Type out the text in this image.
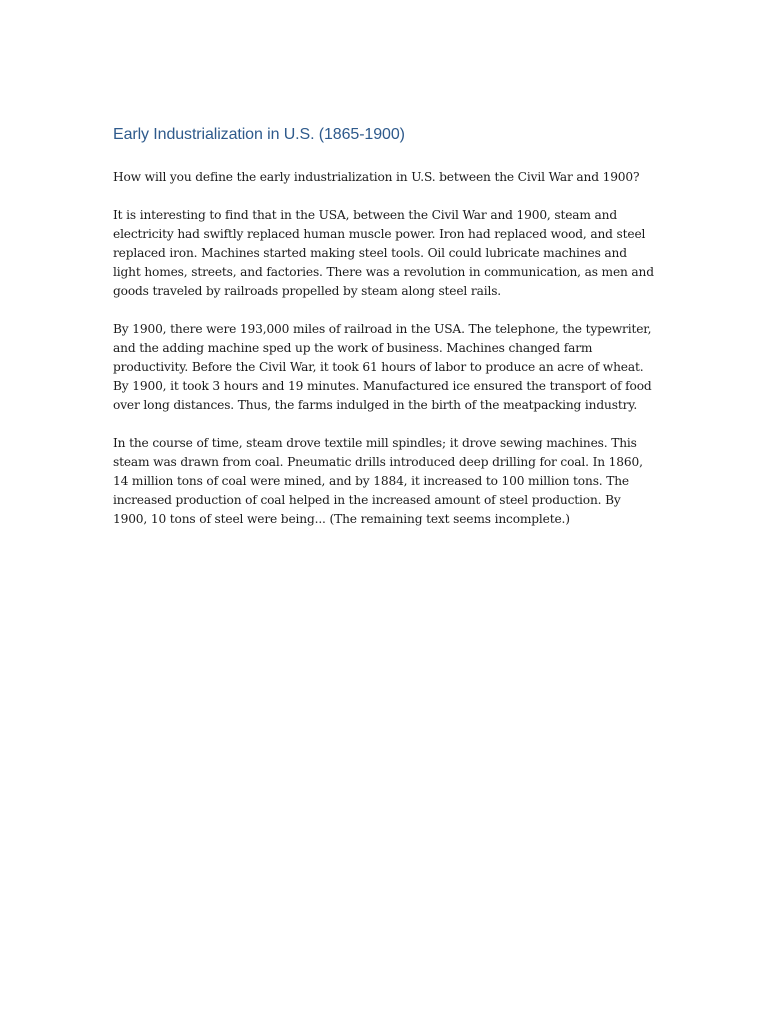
Early Industrialization in U.S. (1865-1900)

How will you define the early industrialization in U.S. between the Civil War and 1900?

It is interesting to find that in the USA, between the Civil War and 1900, steam and electricity had swiftly replaced human muscle power. Iron had replaced wood, and steel replaced iron. Machines started making steel tools. Oil could lubricate machines and light homes, streets, and factories. There was a revolution in communication, as men and goods traveled by railroads propelled by steam along steel rails.

By 1900, there were 193,000 miles of railroad in the USA. The telephone, the typewriter, and the adding machine sped up the work of business. Machines changed farm productivity. Before the Civil War, it took 61 hours of labor to produce an acre of wheat. By 1900, it took 3 hours and 19 minutes. Manufactured ice ensured the transport of food over long distances. Thus, the farms indulged in the birth of the meatpacking industry.

In the course of time, steam drove textile mill spindles; it drove sewing machines. This steam was drawn from coal. Pneumatic drills introduced deep drilling for coal. In 1860, 14 million tons of coal were mined, and by 1884, it increased to 100 million tons. The increased production of coal helped in the increased amount of steel production. By 1900, 10 tons of steel were being... (The remaining text seems incomplete.)
